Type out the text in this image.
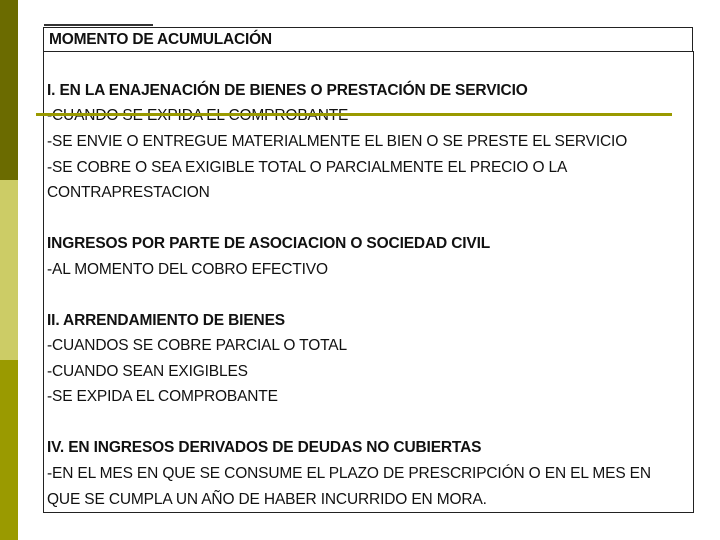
MOMENTO DE ACUMULACIÓN
I. EN LA ENAJENACIÓN DE BIENES O PRESTACIÓN DE SERVICIO
-SE ENVIE O ENTREGUE MATERIALMENTE EL BIEN O SE PRESTE EL SERVICIO
-SE COBRE O SEA EXIGIBLE TOTAL O PARCIALMENTE EL PRECIO O LA
CONTRAPRESTACION
INGRESOS POR PARTE DE ASOCIACION O SOCIEDAD CIVIL
-AL MOMENTO DEL COBRO EFECTIVO
II. ARRENDAMIENTO DE BIENES
-CUANDOS SE COBRE PARCIAL O TOTAL
-CUANDO SEAN EXIGIBLES
-SE EXPIDA EL COMPROBANTE
IV. EN INGRESOS DERIVADOS DE DEUDAS NO CUBIERTAS
-EN EL MES EN QUE SE CONSUME EL PLAZO DE PRESCRIPCIÓN O EN EL MES EN
QUE SE CUMPLA UN AÑO DE HABER INCURRIDO EN MORA.
